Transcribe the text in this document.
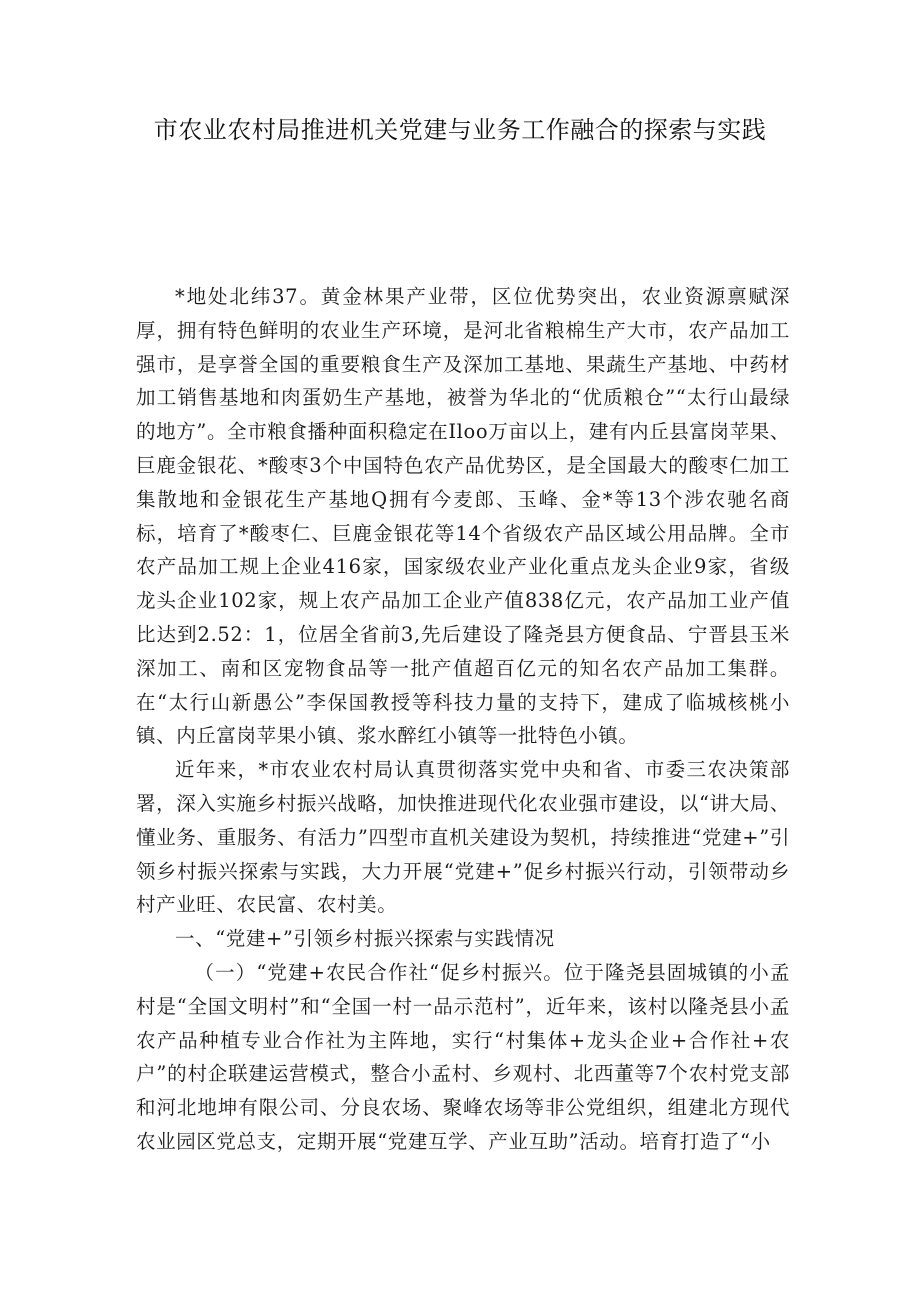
市农业农村局推进机关党建与业务工作融合的探索与实践

*地处北纬37。黄金林果产业带，区位优势突出，农业资源禀赋深厚，拥有特色鲜明的农业生产环境，是河北省粮棉生产大市，农产品加工强市，是享誉全国的重要粮食生产及深加工基地、果蔬生产基地、中药材加工销售基地和肉蛋奶生产基地，被誉为华北的“优质粮仓”“太行山最绿的地方”。全市粮食播种面积稳定在Iloo万亩以上，建有内丘县富岗苹果、巨鹿金银花、*酸枣3个中国特色农产品优势区，是全国最大的酸枣仁加工集散地和金银花生产基地Q拥有今麦郎、玉峰、金*等13个涉农驰名商标，培育了*酸枣仁、巨鹿金银花等14个省级农产品区域公用品牌。全市农产品加工规上企业416家，国家级农业产业化重点龙头企业9家，省级龙头企业102家，规上农产品加工企业产值838亿元，农产品加工业产值比达到2.52：1，位居全省前3,先后建设了隆尧县方便食品、宁晋县玉米深加工、南和区宠物食品等一批产值超百亿元的知名农产品加工集群。在“太行山新愚公”李保国教授等科技力量的支持下，建成了临城核桃小镇、内丘富岗苹果小镇、浆水醉红小镇等一批特色小镇。

近年来，*市农业农村局认真贯彻落实党中央和省、市委三农决策部署，深入实施乡村振兴战略，加快推进现代化农业强市建设，以“讲大局、懂业务、重服务、有活力”四型市直机关建设为契机，持续推进“党建+”引领乡村振兴探索与实践，大力开展“党建+”促乡村振兴行动，引领带动乡村产业旺、农民富、农村美。

一、“党建+”引领乡村振兴探索与实践情况

（一）“党建+农民合作社“促乡村振兴。位于隆尧县固城镇的小孟村是“全国文明村”和“全国一村一品示范村”，近年来，该村以隆尧县小孟农产品种植专业合作社为主阵地，实行“村集体+龙头企业+合作社+农户”的村企联建运营模式，整合小孟村、乡观村、北西董等7个农村党支部和河北地坤有限公司、分良农场、聚峰农场等非公党组织，组建北方现代农业园区党总支，定期开展“党建互学、产业互助”活动。培育打造了“小
